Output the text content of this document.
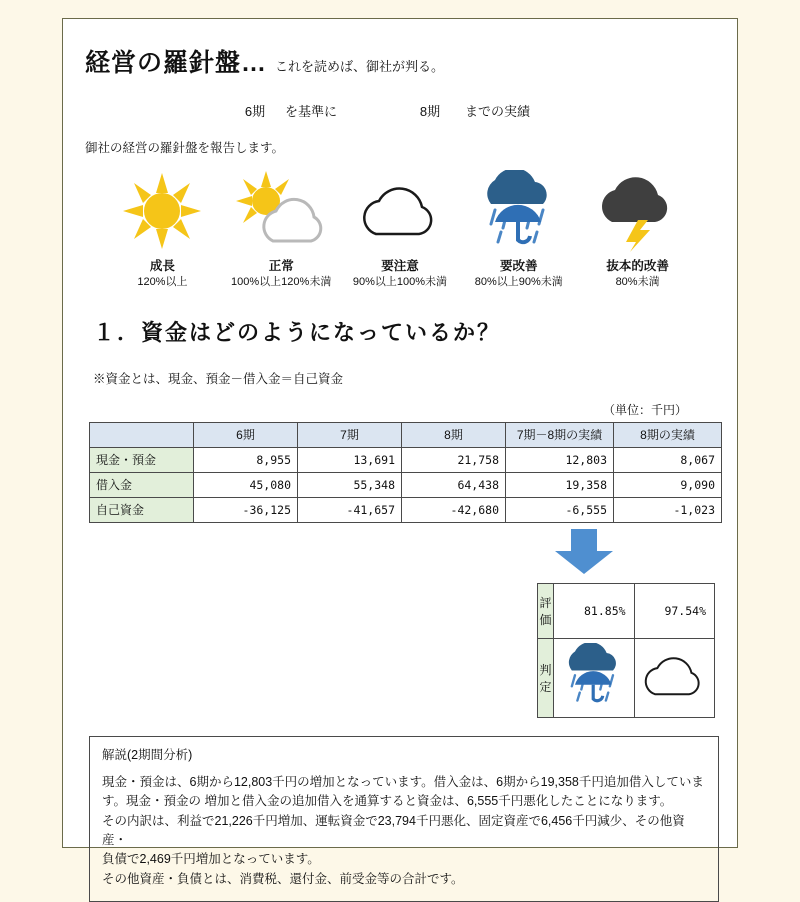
経営の羅針盤… これを読めば、御社が判る。
6期	を基準に	8期	までの実績
御社の経営の羅針盤を報告します。
成長
120%以上
正常
100%以上120%未満
要注意
90%以上100%未満
要改善
80%以上90%未満
抜本的改善
80%未満
１．資金はどのようになっているか？
※資金とは、現金、預金－借入金＝自己資金
（単位：千円）
	6期	7期	8期	7期－8期の実績	8期の実績
現金・預金	8,955	13,691	21,758	12,803	8,067
借入金	45,080	55,348	64,438	19,358	9,090
自己資金	-36,125	-41,657	-42,680	-6,555	-1,023
評価	81.85%	97.54%
判定		
解説(2期間分析)

現金・預金は、6期から12,803千円の増加となっています。借入金は、6期から19,358千円追加借入していま

す。現金・預金の 増加と借入金の追加借入を通算すると資金は、6,555千円悪化したことになります。

その内訳は、利益で21,226千円増加、運転資金で23,794千円悪化、固定資産で6,456千円減少、その他資産・

負債で2,469千円増加となっています。

その他資産・負債とは、消費税、還付金、前受金等の合計です。
